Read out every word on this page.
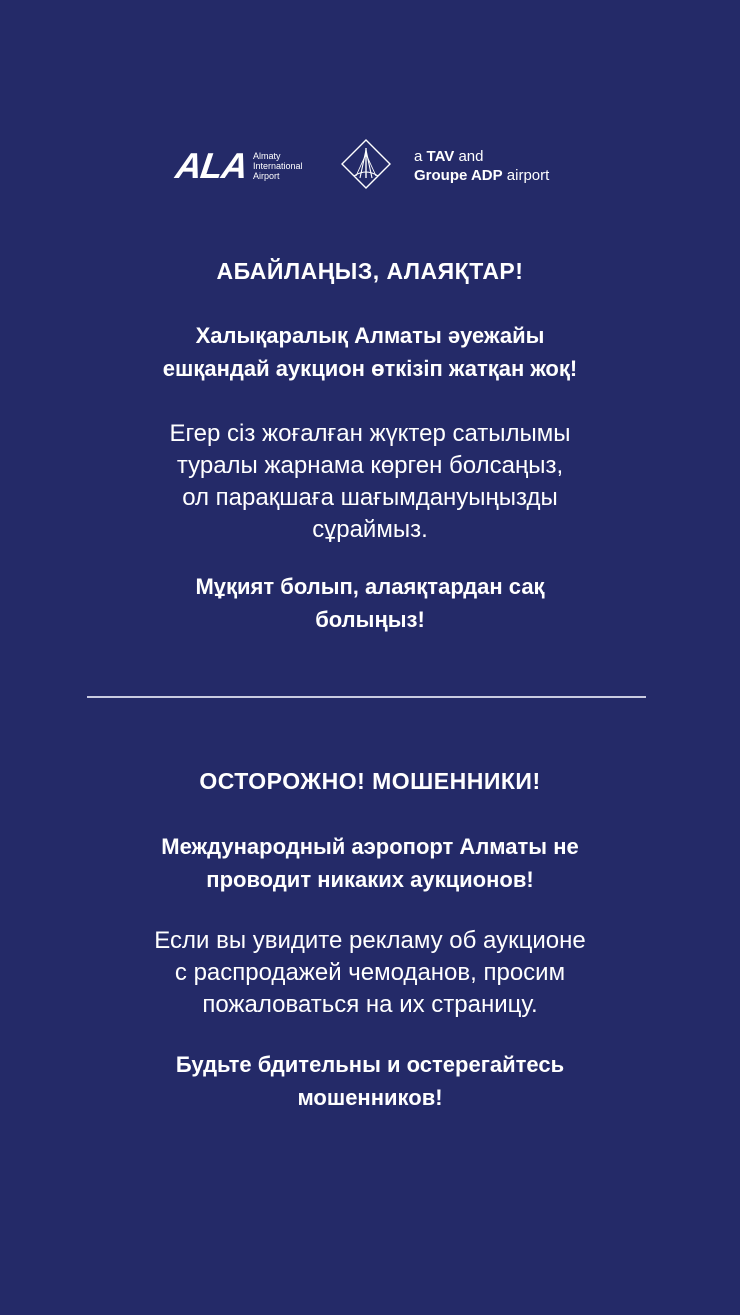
ALA Almaty
International
Airport
a TAV and
Groupe ADP airport
АБАЙЛАҢЫЗ, АЛАЯҚТАР!
Халықаралық Алматы әуежайы
ешқандай аукцион өткізіп жатқан жоқ!
Егер сіз жоғалған жүктер сатылымы
туралы жарнама көрген болсаңыз,
ол парақшаға шағымдануыңызды
сұраймыз.
Мұқият болып, алаяқтардан сақ
болыңыз!
ОСТОРОЖНО! МОШЕННИКИ!
Международный аэропорт Алматы не
проводит никаких аукционов!
Если вы увидите рекламу об аукционе
с распродажей чемоданов, просим
пожаловаться на их страницу.
Будьте бдительны и остерегайтесь
мошенников!
